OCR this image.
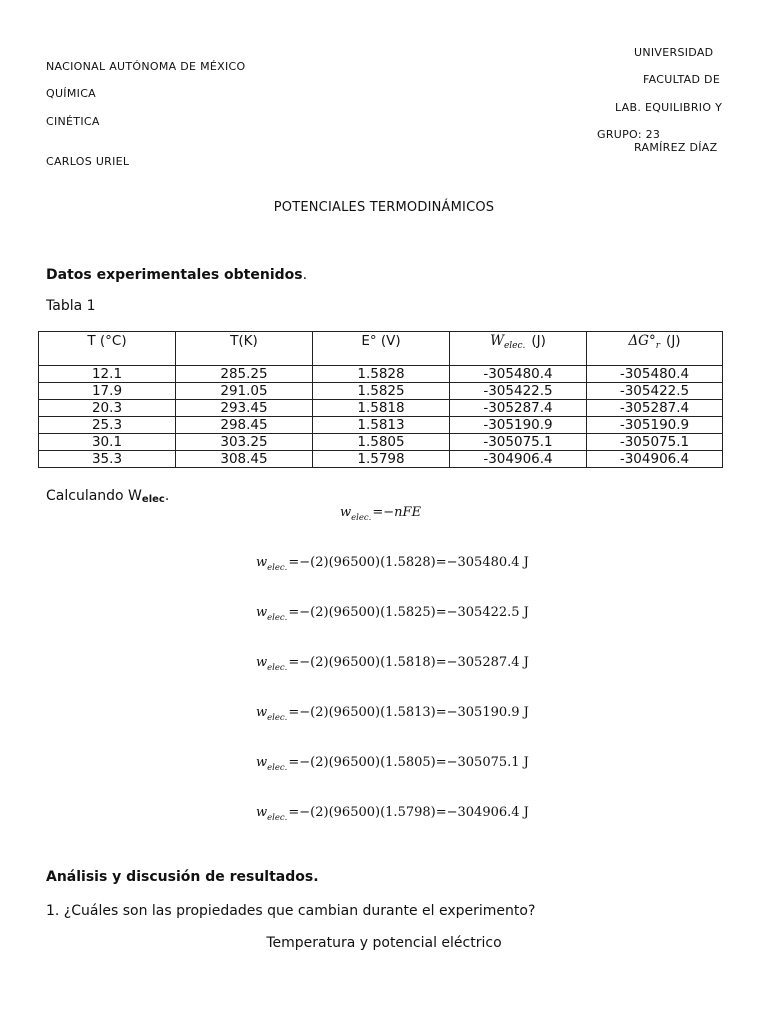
UNIVERSIDAD
NACIONAL AUTÓNOMA DE MÉXICO
FACULTAD DE
QUÍMICA
LAB. EQUILIBRIO Y
CINÉTICA
GRUPO: 23
RAMÍREZ DÍAZ
CARLOS URIEL
POTENCIALES TERMODINÁMICOS
Datos experimentales obtenidos.
Tabla 1
T (°C)	T(K)	E° (V)	$W_{elec.}$ (J)	$\Delta G^\circ_r$ (J)
12.1	285.25	1.5828	-305480.4	-305480.4
17.9	291.05	1.5825	-305422.5	-305422.5
20.3	293.45	1.5818	-305287.4	-305287.4
25.3	298.45	1.5813	-305190.9	-305190.9
30.1	303.25	1.5805	-305075.1	-305075.1
35.3	308.45	1.5798	-304906.4	-304906.4
Calculando Welec.
$w_{elec.}=-nFE$
$w_{elec.}=-(2)(96500)(1.5828)=-305480.4$ J
$w_{elec.}=-(2)(96500)(1.5825)=-305422.5$ J
$w_{elec.}=-(2)(96500)(1.5818)=-305287.4$ J
$w_{elec.}=-(2)(96500)(1.5813)=-305190.9$ J
$w_{elec.}=-(2)(96500)(1.5805)=-305075.1$ J
$w_{elec.}=-(2)(96500)(1.5798)=-304906.4$ J
Análisis y discusión de resultados.
1. ¿Cuáles son las propiedades que cambian durante el experimento?
Temperatura y potencial eléctrico
